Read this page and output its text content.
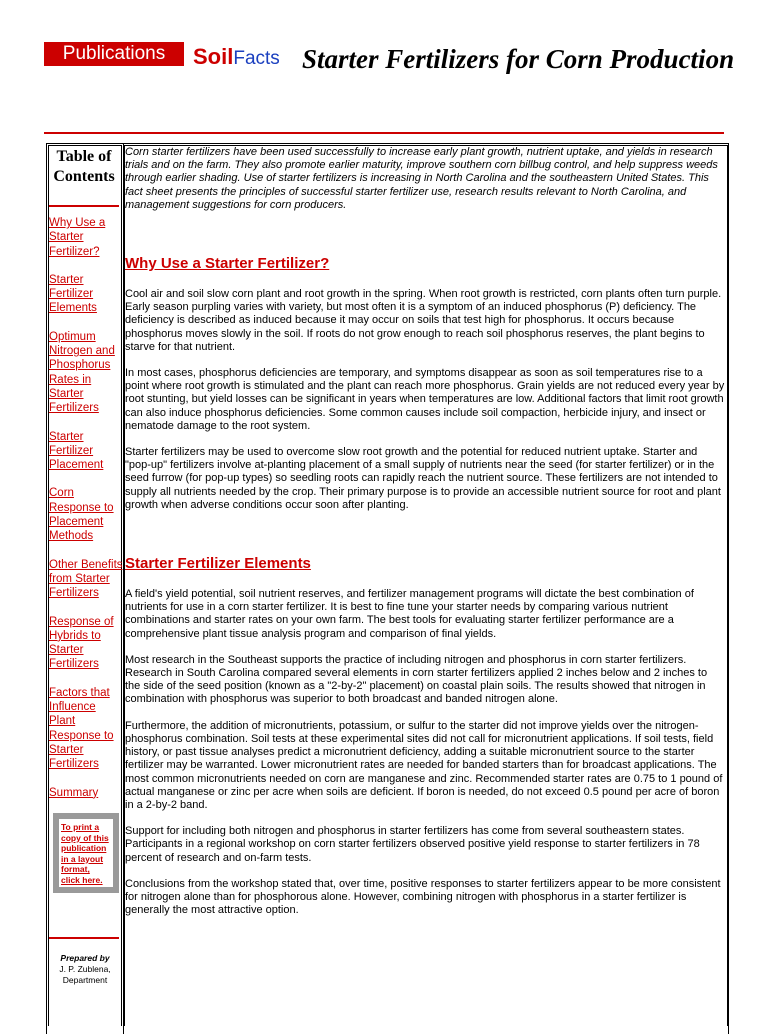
Publications	SoilFacts Starter Fertilizers for Corn Production
Table of Contents
Why Use a Starter Fertilizer?
Starter Fertilizer Elements
Optimum Nitrogen and Phosphorus Rates in Starter Fertilizers
Starter Fertilizer Placement
Corn Response to Placement Methods
Other Benefits from Starter Fertilizers
Response of Hybrids to Starter Fertilizers
Factors that Influence Plant Response to Starter Fertilizers
Summary
To print a copy of this publication in a layout format, click here.
Prepared by
J. P. Zublena, Department

Corn starter fertilizers have been used successfully to increase early plant growth, nutrient uptake, and yields in research trials and on the farm. They also promote earlier maturity, improve southern corn billbug control, and help suppress weeds through earlier shading. Use of starter fertilizers is increasing in North Carolina and the southeastern United States. This fact sheet presents the principles of successful starter fertilizer use, research results relevant to North Carolina, and management suggestions for corn producers.

Why Use a Starter Fertilizer?

Cool air and soil slow corn plant and root growth in the spring. When root growth is restricted, corn plants often turn purple. Early season purpling varies with variety, but most often it is a symptom of an induced phosphorus (P) deficiency. The deficiency is described as induced because it may occur on soils that test high for phosphorus. It occurs because phosphorus moves slowly in the soil. If roots do not grow enough to reach soil phosphorus reserves, the plant begins to starve for that nutrient.

In most cases, phosphorus deficiencies are temporary, and symptoms disappear as soon as soil temperatures rise to a point where root growth is stimulated and the plant can reach more phosphorus. Grain yields are not reduced every year by root stunting, but yield losses can be significant in years when temperatures are low. Additional factors that limit root growth can also induce phosphorus deficiencies. Some common causes include soil compaction, herbicide injury, and insect or nematode damage to the root system.

Starter fertilizers may be used to overcome slow root growth and the potential for reduced nutrient uptake. Starter and "pop-up" fertilizers involve at-planting placement of a small supply of nutrients near the seed (for starter fertilizer) or in the seed furrow (for pop-up types) so seedling roots can rapidly reach the nutrient source. These fertilizers are not intended to supply all nutrients needed by the crop. Their primary purpose is to provide an accessible nutrient source for root and plant growth when adverse conditions occur soon after planting.

Starter Fertilizer Elements

A field's yield potential, soil nutrient reserves, and fertilizer management programs will dictate the best combination of nutrients for use in a corn starter fertilizer. It is best to fine tune your starter needs by comparing various nutrient combinations and starter rates on your own farm. The best tools for evaluating starter fertilizer performance are a comprehensive plant tissue analysis program and comparison of final yields.

Most research in the Southeast supports the practice of including nitrogen and phosphorus in corn starter fertilizers. Research in South Carolina compared several elements in corn starter fertilizers applied 2 inches below and 2 inches to the side of the seed position (known as a "2-by-2" placement) on coastal plain soils. The results showed that nitrogen in combination with phosphorus was superior to both broadcast and banded nitrogen alone.

Furthermore, the addition of micronutrients, potassium, or sulfur to the starter did not improve yields over the nitrogen-phosphorus combination. Soil tests at these experimental sites did not call for micronutrient applications. If soil tests, field history, or past tissue analyses predict a micronutrient deficiency, adding a suitable micronutrient source to the starter fertilizer may be warranted. Lower micronutrient rates are needed for banded starters than for broadcast applications. The most common micronutrients needed on corn are manganese and zinc. Recommended starter rates are 0.75 to 1 pound of actual manganese or zinc per acre when soils are deficient. If boron is needed, do not exceed 0.5 pound per acre of boron in a 2-by-2 band.

Support for including both nitrogen and phosphorus in starter fertilizers has come from several southeastern states. Participants in a regional workshop on corn starter fertilizers observed positive yield response to starter fertilizers in 78 percent of research and on-farm tests.

Conclusions from the workshop stated that, over time, positive responses to starter fertilizers appear to be more consistent for nitrogen alone than for phosphorous alone. However, combining nitrogen with phosphorus in a starter fertilizer is generally the most attractive option.
